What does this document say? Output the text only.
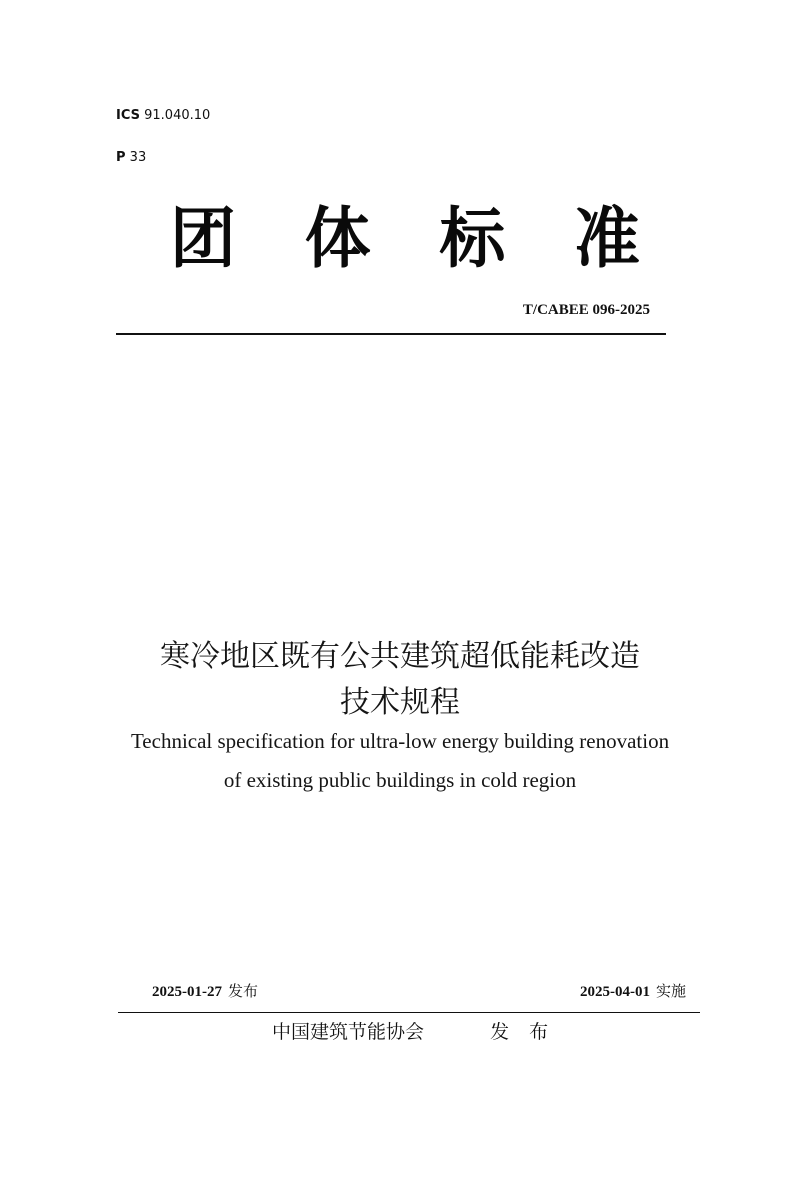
ICS 91.040.10
P 33
团 体 标 准
T/CABEE 096-2025
寒冷地区既有公共建筑超低能耗改造
技术规程
Technical specification for ultra-low energy building renovation
of existing public buildings in cold region
2025-01-27 发布	2025-04-01 实施
中国建筑节能协会	发布
